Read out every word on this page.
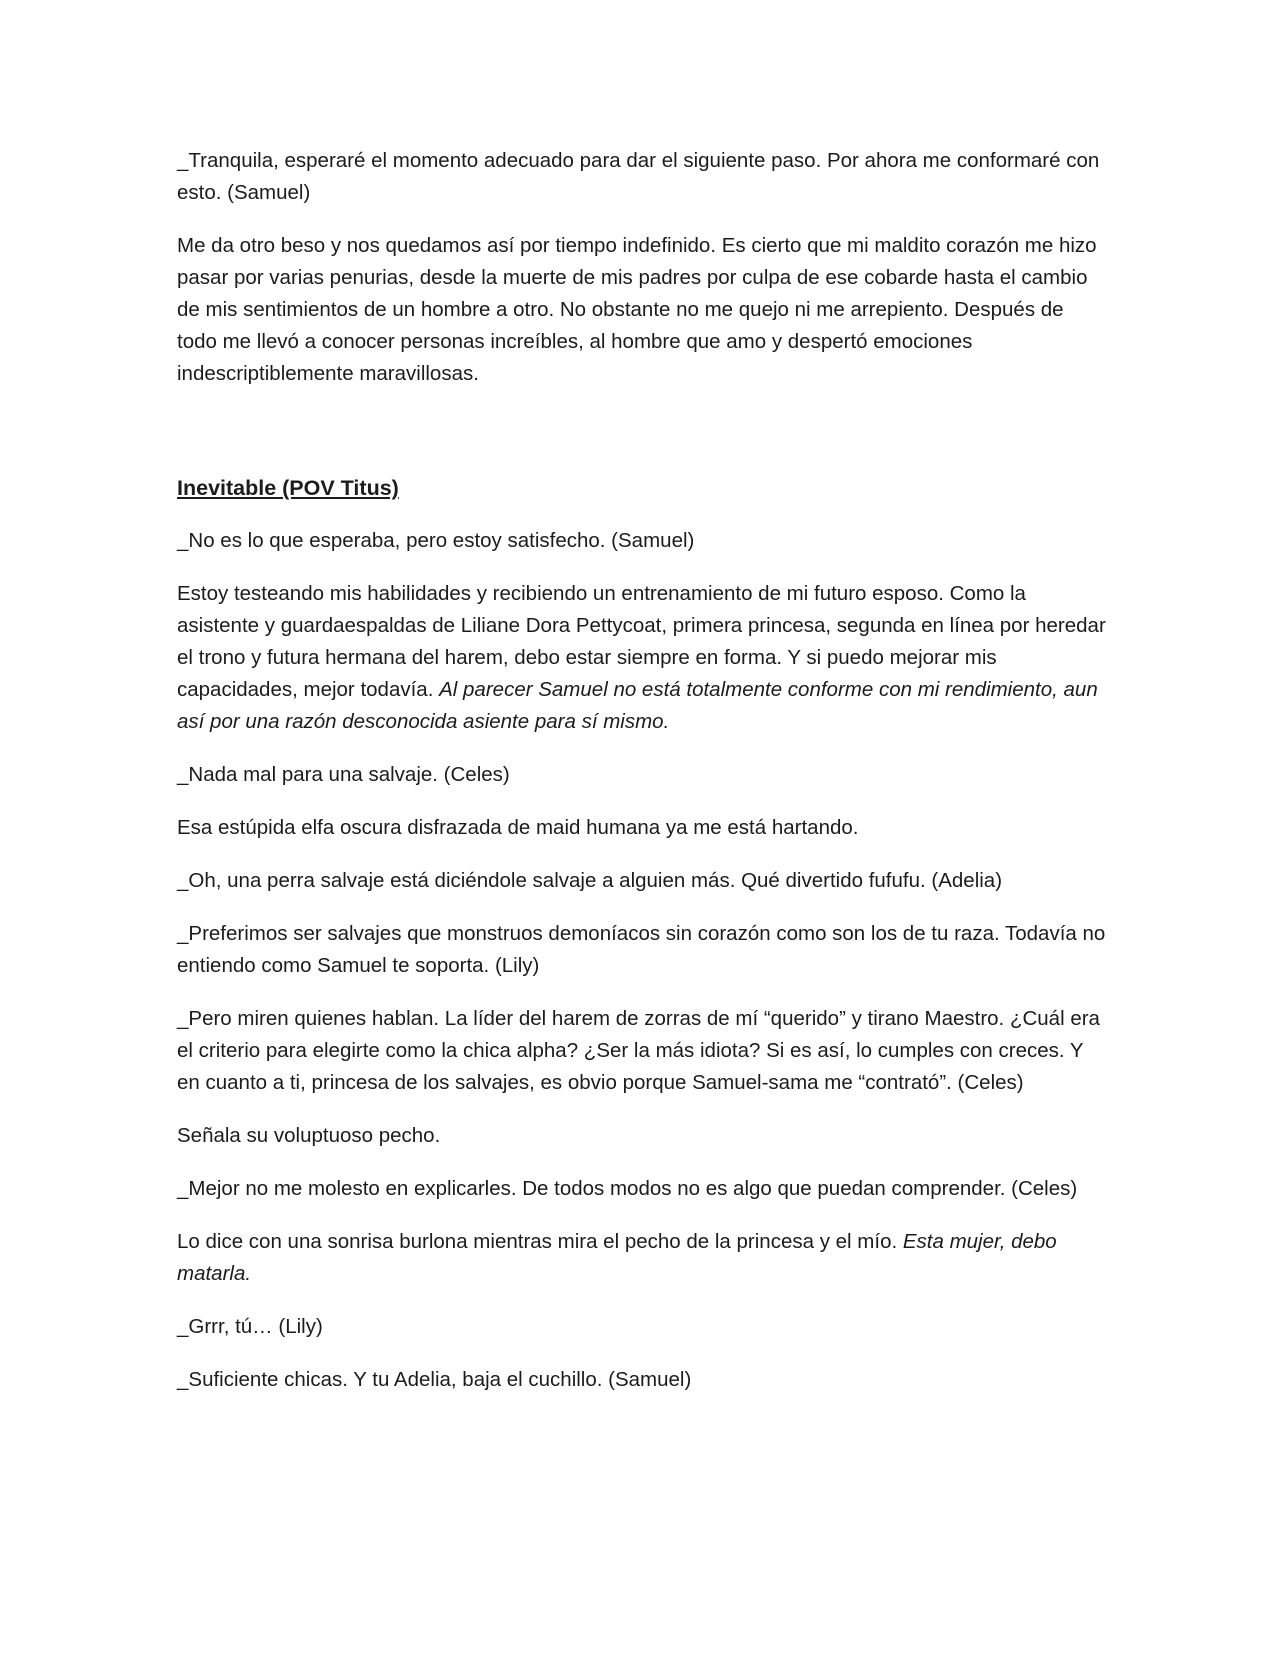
_Tranquila, esperaré el momento adecuado para dar el siguiente paso. Por ahora me conformaré con esto. (Samuel)

Me da otro beso y nos quedamos así por tiempo indefinido. Es cierto que mi maldito corazón me hizo pasar por varias penurias, desde la muerte de mis padres por culpa de ese cobarde hasta el cambio de mis sentimientos de un hombre a otro. No obstante no me quejo ni me arrepiento. Después de todo me llevó a conocer personas increíbles, al hombre que amo y despertó emociones indescriptiblemente maravillosas.

Inevitable (POV Titus)

_No es lo que esperaba, pero estoy satisfecho. (Samuel)

Estoy testeando mis habilidades y recibiendo un entrenamiento de mi futuro esposo. Como la asistente y guardaespaldas de Liliane Dora Pettycoat, primera princesa, segunda en línea por heredar el trono y futura hermana del harem, debo estar siempre en forma. Y si puedo mejorar mis capacidades, mejor todavía. Al parecer Samuel no está totalmente conforme con mi rendimiento, aun así por una razón desconocida asiente para sí mismo.

_Nada mal para una salvaje. (Celes)

Esa estúpida elfa oscura disfrazada de maid humana ya me está hartando.

_Oh, una perra salvaje está diciéndole salvaje a alguien más. Qué divertido fufufu. (Adelia)

_Preferimos ser salvajes que monstruos demoníacos sin corazón como son los de tu raza. Todavía no entiendo como Samuel te soporta. (Lily)

_Pero miren quienes hablan. La líder del harem de zorras de mí “querido” y tirano Maestro. ¿Cuál era el criterio para elegirte como la chica alpha? ¿Ser la más idiota? Si es así, lo cumples con creces. Y en cuanto a ti, princesa de los salvajes, es obvio porque Samuel-sama me “contrató”. (Celes)

Señala su voluptuoso pecho.

_Mejor no me molesto en explicarles. De todos modos no es algo que puedan comprender. (Celes)

Lo dice con una sonrisa burlona mientras mira el pecho de la princesa y el mío. Esta mujer, debo matarla.

_Grrr, tú… (Lily)

_Suficiente chicas. Y tu Adelia, baja el cuchillo. (Samuel)
